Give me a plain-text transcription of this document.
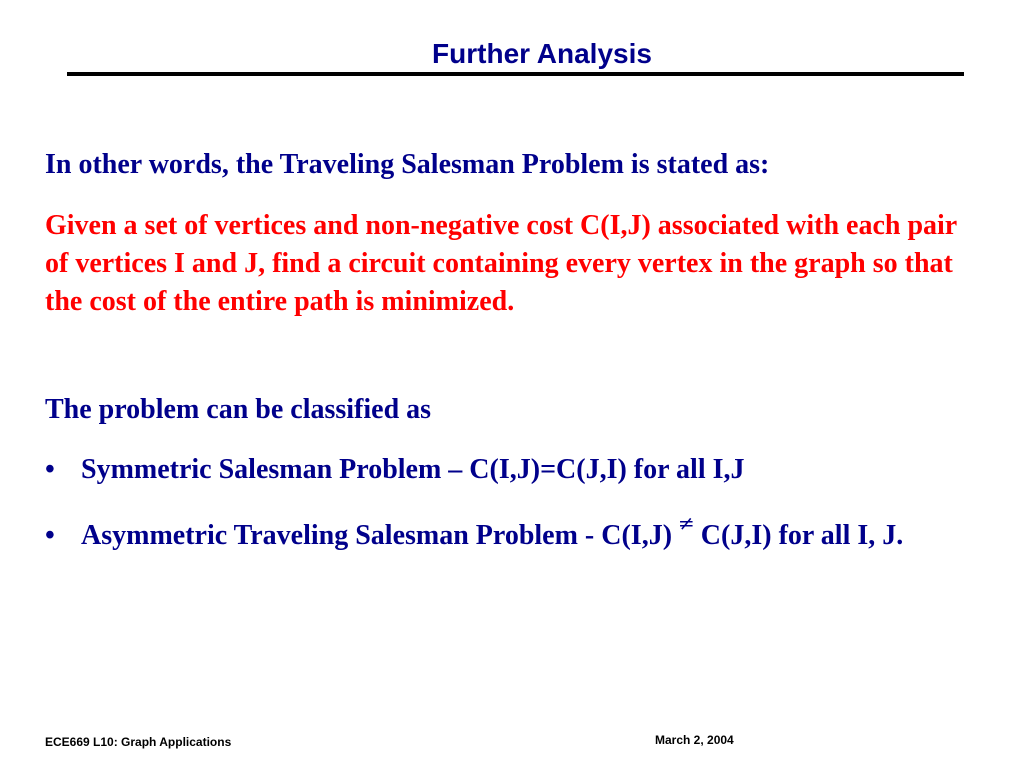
Further Analysis

In other words, the Traveling Salesman Problem is stated as:

Given a set of vertices and non-negative cost C(I,J) associated with each pair of vertices I and J, find a circuit containing every vertex in the graph so that the cost of the entire path is minimized.

The problem can be classified as

• Symmetric Salesman Problem – C(I,J)=C(J,I) for all I,J

• Asymmetric Traveling Salesman Problem - C(I,J) ≠ C(J,I) for all I, J.

ECE669 L10: Graph Applications	March 2, 2004
